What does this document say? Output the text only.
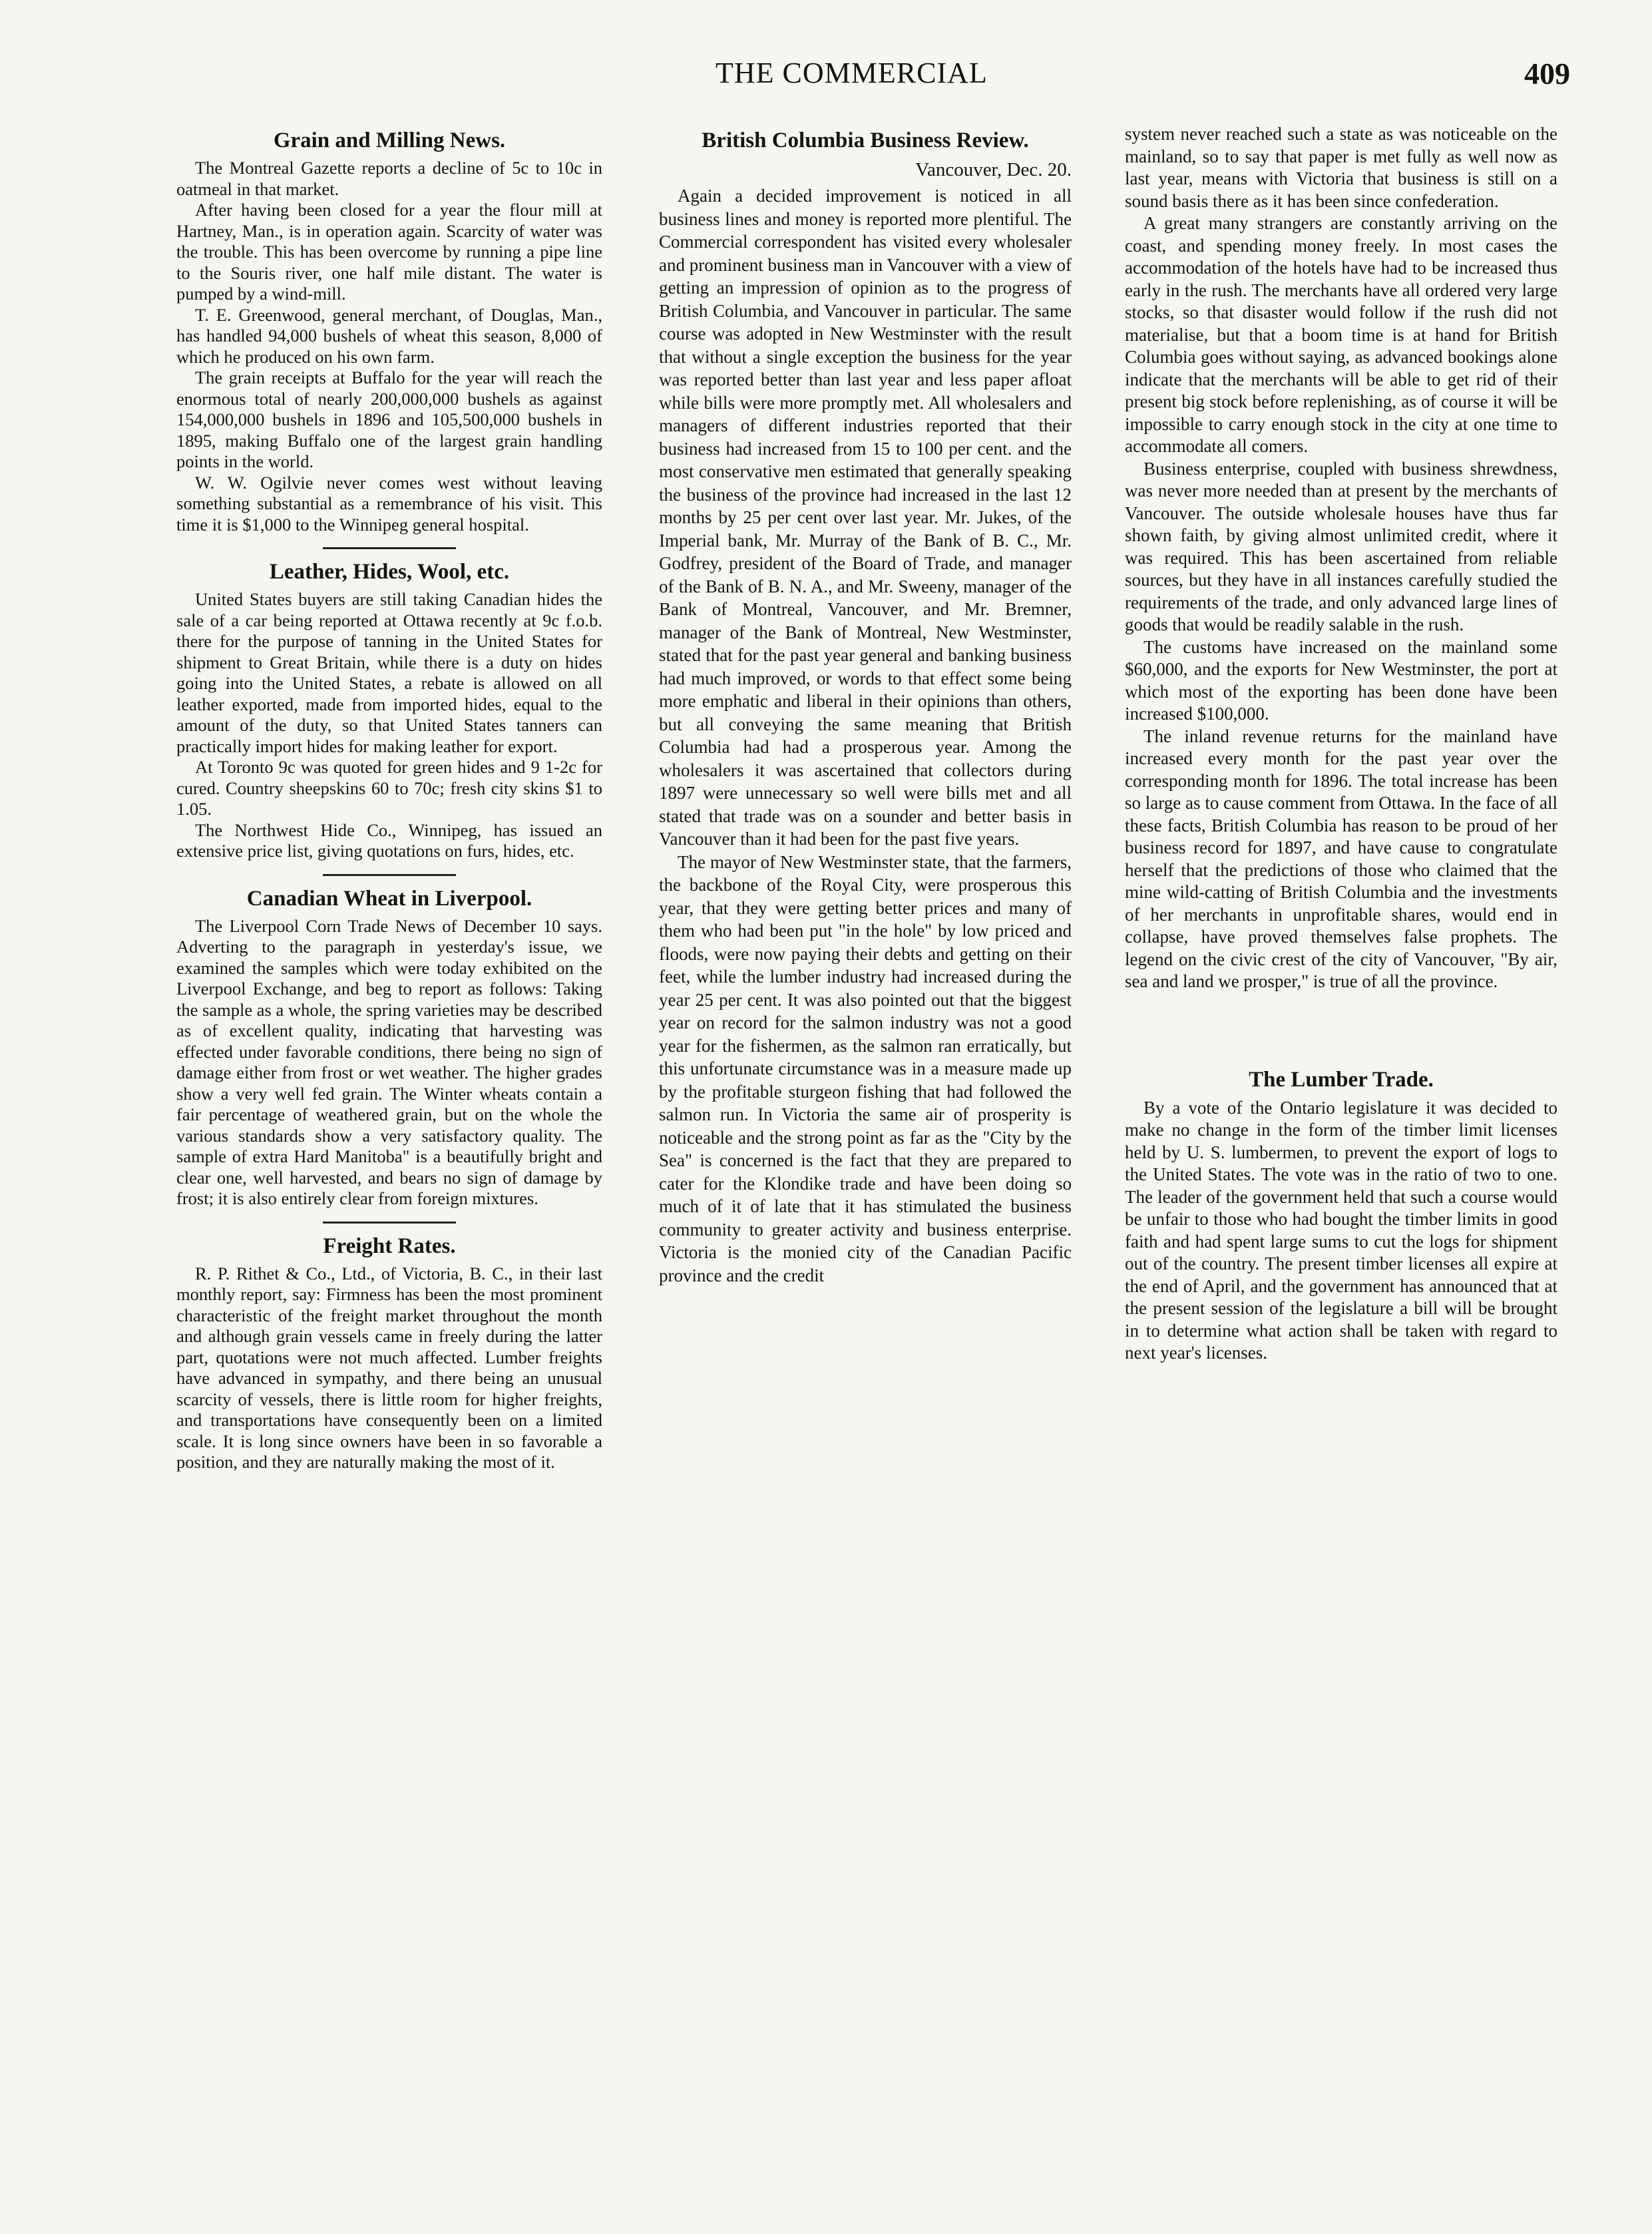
THE COMMERCIAL	409
Grain and Milling News.

The Montreal Gazette reports a decline of 5c to 10c in oatmeal in that market.

After having been closed for a year the flour mill at Hartney, Man., is in operation again. Scarcity of water was the trouble. This has been overcome by running a pipe line to the Souris river, one half mile distant. The water is pumped by a wind-mill.

T. E. Greenwood, general merchant, of Douglas, Man., has handled 94,000 bushels of wheat this season, 8,000 of which he produced on his own farm.

The grain receipts at Buffalo for the year will reach the enormous total of nearly 200,000,000 bushels as against 154,000,000 bushels in 1896 and 105,500,000 bushels in 1895, making Buffalo one of the largest grain handling points in the world.

W. W. Ogilvie never comes west without leaving something substantial as a remembrance of his visit. This time it is $1,000 to the Winnipeg general hospital.

Leather, Hides, Wool, etc.

United States buyers are still taking Canadian hides the sale of a car being reported at Ottawa recently at 9c f.o.b. there for the purpose of tanning in the United States for shipment to Great Britain, while there is a duty on hides going into the United States, a rebate is allowed on all leather exported, made from imported hides, equal to the amount of the duty, so that United States tanners can practically import hides for making leather for export.

At Toronto 9c was quoted for green hides and 9 1-2c for cured. Country sheepskins 60 to 70c; fresh city skins $1 to 1.05.

The Northwest Hide Co., Winnipeg, has issued an extensive price list, giving quotations on furs, hides, etc.

Canadian Wheat in Liverpool.

The Liverpool Corn Trade News of December 10 says. Adverting to the paragraph in yesterday's issue, we examined the samples which were today exhibited on the Liverpool Exchange, and beg to report as follows: Taking the sample as a whole, the spring varieties may be described as of excellent quality, indicating that harvesting was effected under favorable conditions, there being no sign of damage either from frost or wet weather. The higher grades show a very well fed grain. The Winter wheats contain a fair percentage of weathered grain, but on the whole the various standards show a very satisfactory quality. The sample of extra Hard Manitoba" is a beautifully bright and clear one, well harvested, and bears no sign of damage by frost; it is also entirely clear from foreign mixtures.

Freight Rates.

R. P. Rithet & Co., Ltd., of Victoria, B. C., in their last monthly report, say: Firmness has been the most prominent characteristic of the freight market throughout the month and although grain vessels came in freely during the latter part, quotations were not much affected. Lumber freights have advanced in sympathy, and there being an unusual scarcity of vessels, there is little room for higher freights, and transportations have consequently been on a limited scale. It is long since owners have been in so favorable a position, and they are naturally making the most of it.

British Columbia Business Review.
Vancouver, Dec. 20.

Again a decided improvement is noticed in all business lines and money is reported more plentiful. The Commercial correspondent has visited every wholesaler and prominent business man in Vancouver with a view of getting an impression of opinion as to the progress of British Columbia, and Vancouver in particular. The same course was adopted in New Westminster with the result that without a single exception the business for the year was reported better than last year and less paper afloat while bills were more promptly met. All wholesalers and managers of different industries reported that their business had increased from 15 to 100 per cent. and the most conservative men estimated that generally speaking the business of the province had increased in the last 12 months by 25 per cent over last year. Mr. Jukes, of the Imperial bank, Mr. Murray of the Bank of B. C., Mr. Godfrey, president of the Board of Trade, and manager of the Bank of B. N. A., and Mr. Sweeny, manager of the Bank of Montreal, Vancouver, and Mr. Bremner, manager of the Bank of Montreal, New Westminster, stated that for the past year general and banking business had much improved, or words to that effect some being more emphatic and liberal in their opinions than others, but all conveying the same meaning that British Columbia had had a prosperous year. Among the wholesalers it was ascertained that collectors during 1897 were unnecessary so well were bills met and all stated that trade was on a sounder and better basis in Vancouver than it had been for the past five years.

The mayor of New Westminster state, that the farmers, the backbone of the Royal City, were prosperous this year, that they were getting better prices and many of them who had been put "in the hole" by low priced and floods, were now paying their debts and getting on their feet, while the lumber industry had increased during the year 25 per cent. It was also pointed out that the biggest year on record for the salmon industry was not a good year for the fishermen, as the salmon ran erratically, but this unfortunate circumstance was in a measure made up by the profitable sturgeon fishing that had followed the salmon run. In Victoria the same air of prosperity is noticeable and the strong point as far as the "City by the Sea" is concerned is the fact that they are prepared to cater for the Klondike trade and have been doing so much of it of late that it has stimulated the business community to greater activity and business enterprise. Victoria is the monied city of the Canadian Pacific province and the credit

system never reached such a state as was noticeable on the mainland, so to say that paper is met fully as well now as last year, means with Victoria that business is still on a sound basis there as it has been since confederation.

A great many strangers are constantly arriving on the coast, and spending money freely. In most cases the accommodation of the hotels have had to be increased thus early in the rush. The merchants have all ordered very large stocks, so that disaster would follow if the rush did not materialise, but that a boom time is at hand for British Columbia goes without saying, as advanced bookings alone indicate that the merchants will be able to get rid of their present big stock before replenishing, as of course it will be impossible to carry enough stock in the city at one time to accommodate all comers.

Business enterprise, coupled with business shrewdness, was never more needed than at present by the merchants of Vancouver. The outside wholesale houses have thus far shown faith, by giving almost unlimited credit, where it was required. This has been ascertained from reliable sources, but they have in all instances carefully studied the requirements of the trade, and only advanced large lines of goods that would be readily salable in the rush.

The customs have increased on the mainland some $60,000, and the exports for New Westminster, the port at which most of the exporting has been done have been increased $100,000.

The inland revenue returns for the mainland have increased every month for the past year over the corresponding month for 1896. The total increase has been so large as to cause comment from Ottawa. In the face of all these facts, British Columbia has reason to be proud of her business record for 1897, and have cause to congratulate herself that the predictions of those who claimed that the mine wild-catting of British Columbia and the investments of her merchants in unprofitable shares, would end in collapse, have proved themselves false prophets. The legend on the civic crest of the city of Vancouver, "By air, sea and land we prosper," is true of all the province.

The Lumber Trade.

By a vote of the Ontario legislature it was decided to make no change in the form of the timber limit licenses held by U. S. lumbermen, to prevent the export of logs to the United States. The vote was in the ratio of two to one. The leader of the government held that such a course would be unfair to those who had bought the timber limits in good faith and had spent large sums to cut the logs for shipment out of the country. The present timber licenses all expire at the end of April, and the government has announced that at the present session of the legislature a bill will be brought in to determine what action shall be taken with regard to next year's licenses.
